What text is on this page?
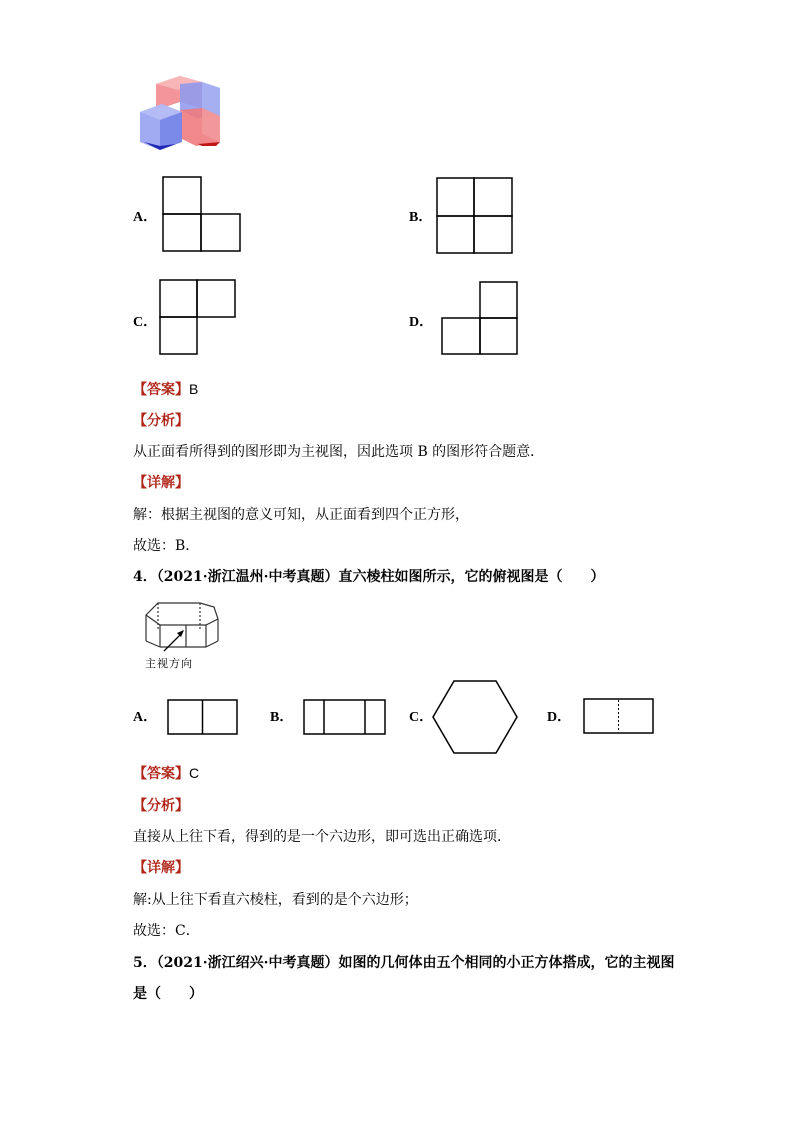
A．	B．
C．	D．
【答案】B
【分析】
从正面看所得到的图形即为主视图，因此选项 B 的图形符合题意．
【详解】
解：根据主视图的意义可知，从正面看到四个正方形，
故选：B．
4．（2021·浙江温州·中考真题）直六棱柱如图所示，它的俯视图是（　　）
主视方向
A．	B．	C．	D．
【答案】C
【分析】
直接从上往下看，得到的是一个六边形，即可选出正确选项．
【详解】
解:从上往下看直六棱柱，看到的是个六边形；
故选：C．
5．（2021·浙江绍兴·中考真题）如图的几何体由五个相同的小正方体搭成，它的主视图
是（　　）
